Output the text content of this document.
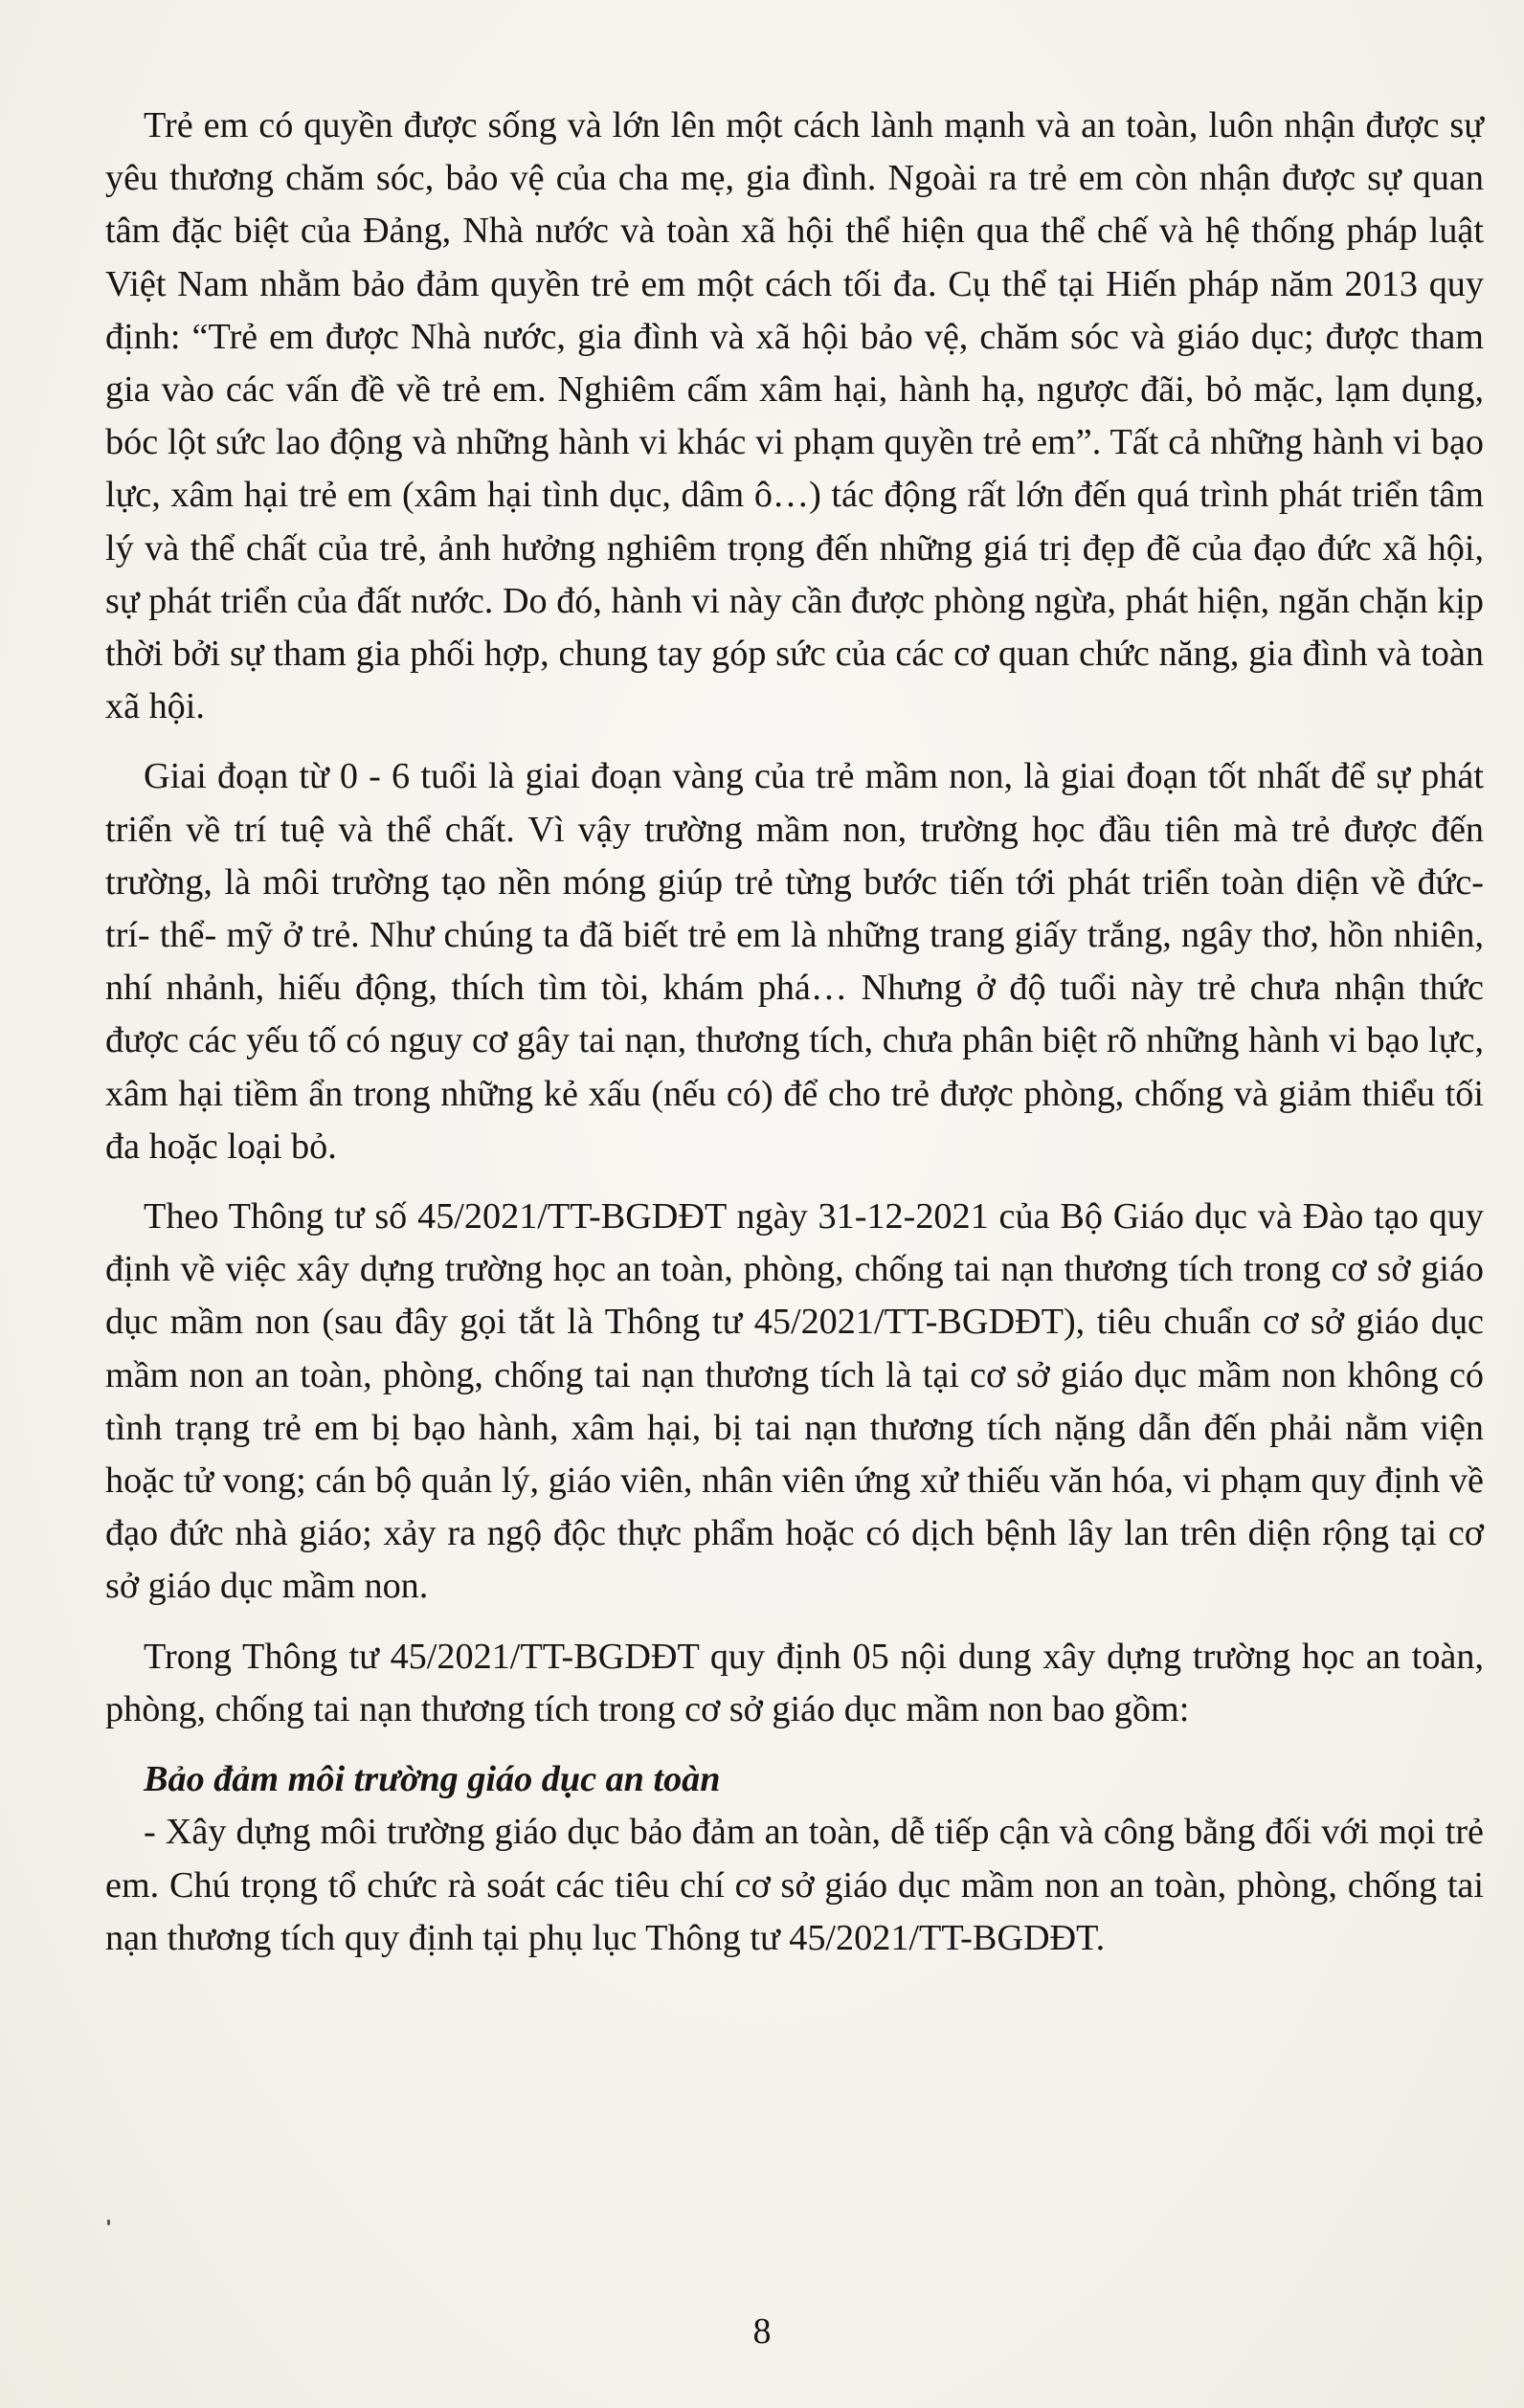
Trẻ em có quyền được sống và lớn lên một cách lành mạnh và an toàn, luôn nhận được sự yêu thương chăm sóc, bảo vệ của cha mẹ, gia đình. Ngoài ra trẻ em còn nhận được sự quan tâm đặc biệt của Đảng, Nhà nước và toàn xã hội thể hiện qua thể chế và hệ thống pháp luật Việt Nam nhằm bảo đảm quyền trẻ em một cách tối đa. Cụ thể tại Hiến pháp năm 2013 quy định: “Trẻ em được Nhà nước, gia đình và xã hội bảo vệ, chăm sóc và giáo dục; được tham gia vào các vấn đề về trẻ em. Nghiêm cấm xâm hại, hành hạ, ngược đãi, bỏ mặc, lạm dụng, bóc lột sức lao động và những hành vi khác vi phạm quyền trẻ em”. Tất cả những hành vi bạo lực, xâm hại trẻ em (xâm hại tình dục, dâm ô…) tác động rất lớn đến quá trình phát triển tâm lý và thể chất của trẻ, ảnh hưởng nghiêm trọng đến những giá trị đẹp đẽ của đạo đức xã hội, sự phát triển của đất nước. Do đó, hành vi này cần được phòng ngừa, phát hiện, ngăn chặn kịp thời bởi sự tham gia phối hợp, chung tay góp sức của các cơ quan chức năng, gia đình và toàn xã hội.

Giai đoạn từ 0 - 6 tuổi là giai đoạn vàng của trẻ mầm non, là giai đoạn tốt nhất để sự phát triển về trí tuệ và thể chất. Vì vậy trường mầm non, trường học đầu tiên mà trẻ được đến trường, là môi trường tạo nền móng giúp trẻ từng bước tiến tới phát triển toàn diện về đức- trí- thể- mỹ ở trẻ. Như chúng ta đã biết trẻ em là những trang giấy trắng, ngây thơ, hồn nhiên, nhí nhảnh, hiếu động, thích tìm tòi, khám phá… Nhưng ở độ tuổi này trẻ chưa nhận thức được các yếu tố có nguy cơ gây tai nạn, thương tích, chưa phân biệt rõ những hành vi bạo lực, xâm hại tiềm ẩn trong những kẻ xấu (nếu có) để cho trẻ được phòng, chống và giảm thiểu tối đa hoặc loại bỏ.

Theo Thông tư số 45/2021/TT-BGDĐT ngày 31-12-2021 của Bộ Giáo dục và Đào tạo quy định về việc xây dựng trường học an toàn, phòng, chống tai nạn thương tích trong cơ sở giáo dục mầm non (sau đây gọi tắt là Thông tư 45/2021/TT-BGDĐT), tiêu chuẩn cơ sở giáo dục mầm non an toàn, phòng, chống tai nạn thương tích là tại cơ sở giáo dục mầm non không có tình trạng trẻ em bị bạo hành, xâm hại, bị tai nạn thương tích nặng dẫn đến phải nằm viện hoặc tử vong; cán bộ quản lý, giáo viên, nhân viên ứng xử thiếu văn hóa, vi phạm quy định về đạo đức nhà giáo; xảy ra ngộ độc thực phẩm hoặc có dịch bệnh lây lan trên diện rộng tại cơ sở giáo dục mầm non.

Trong Thông tư 45/2021/TT-BGDĐT quy định 05 nội dung xây dựng trường học an toàn, phòng, chống tai nạn thương tích trong cơ sở giáo dục mầm non bao gồm:

Bảo đảm môi trường giáo dục an toàn

- Xây dựng môi trường giáo dục bảo đảm an toàn, dễ tiếp cận và công bằng đối với mọi trẻ em. Chú trọng tổ chức rà soát các tiêu chí cơ sở giáo dục mầm non an toàn, phòng, chống tai nạn thương tích quy định tại phụ lục Thông tư 45/2021/TT-BGDĐT.

8
